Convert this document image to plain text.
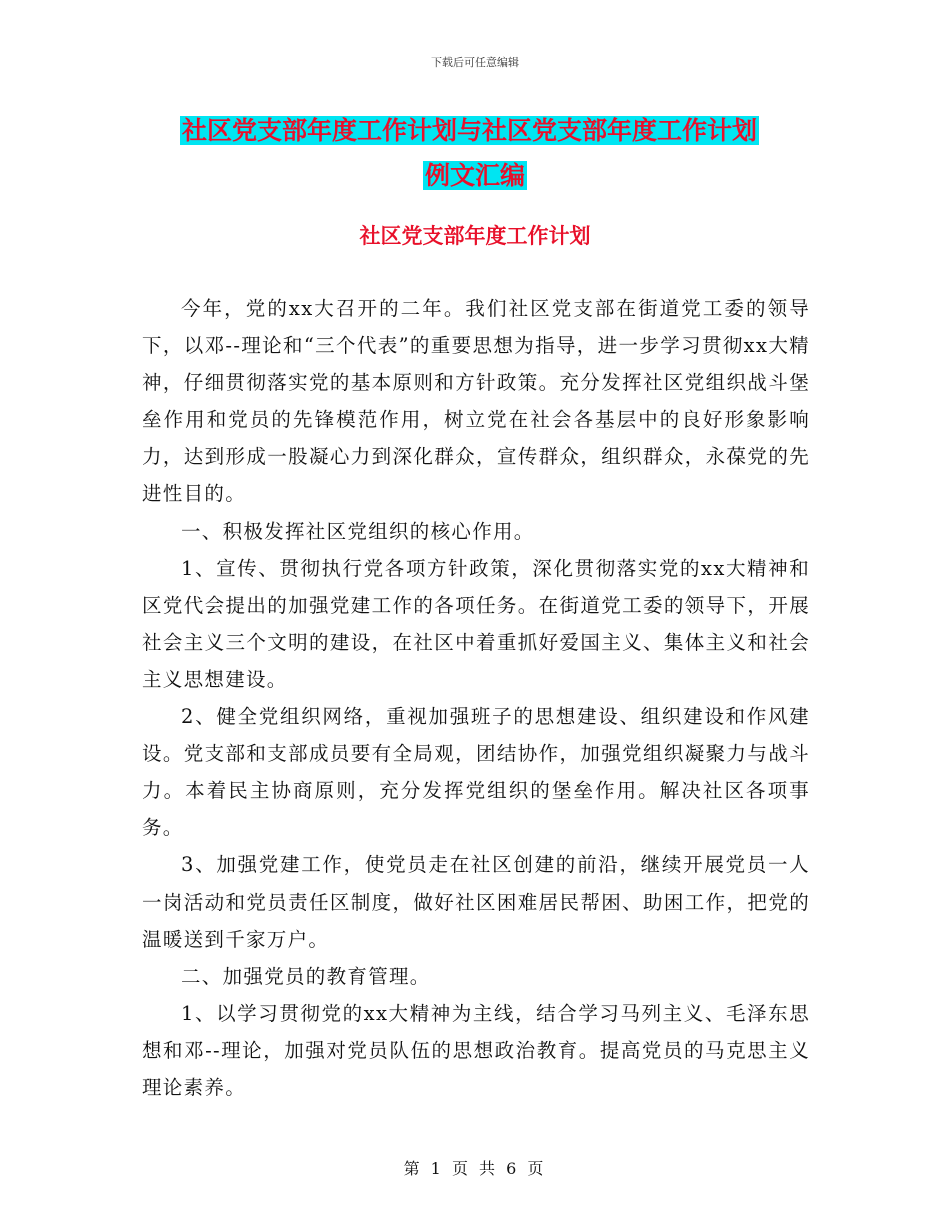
下载后可任意编辑
社区党支部年度工作计划与社区党支部年度工作计划
例文汇编
社区党支部年度工作计划

今年，党的xx大召开的二年。我们社区党支部在街道党工委的领导下，以邓--理论和“三个代表”的重要思想为指导，进一步学习贯彻xx大精神，仔细贯彻落实党的基本原则和方针政策。充分发挥社区党组织战斗堡垒作用和党员的先锋模范作用，树立党在社会各基层中的良好形象影响力，达到形成一股凝心力到深化群众，宣传群众，组织群众，永葆党的先进性目的。

一、积极发挥社区党组织的核心作用。

1、宣传、贯彻执行党各项方针政策，深化贯彻落实党的xx大精神和区党代会提出的加强党建工作的各项任务。在街道党工委的领导下，开展社会主义三个文明的建设，在社区中着重抓好爱国主义、集体主义和社会主义思想建设。

2、健全党组织网络，重视加强班子的思想建设、组织建设和作风建设。党支部和支部成员要有全局观，团结协作，加强党组织凝聚力与战斗力。本着民主协商原则，充分发挥党组织的堡垒作用。解决社区各项事务。

3、加强党建工作，使党员走在社区创建的前沿，继续开展党员一人一岗活动和党员责任区制度，做好社区困难居民帮困、助困工作，把党的温暖送到千家万户。

二、加强党员的教育管理。

1、以学习贯彻党的xx大精神为主线，结合学习马列主义、毛泽东思想和邓--理论，加强对党员队伍的思想政治教育。提高党员的马克思主义理论素养。

第 1 页 共 6 页
